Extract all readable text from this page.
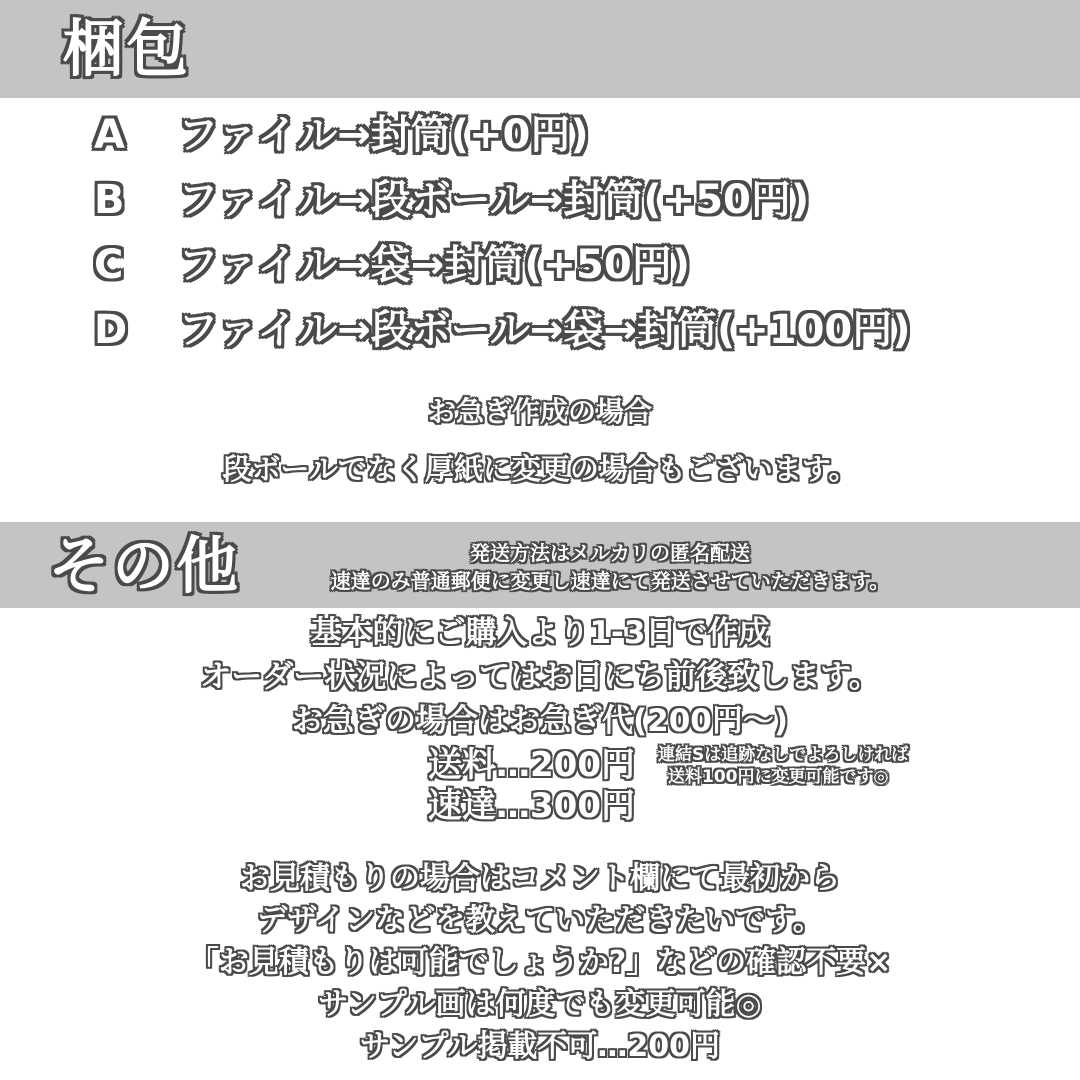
梱包
A	ファイル→封筒(+0円)
B	ファイル→段ボール→封筒(+50円)
C	ファイル→袋→封筒(+50円)
D	ファイル→段ボール→袋→封筒(+100円)
お急ぎ作成の場合
段ボールでなく厚紙に変更の場合もございます。
その他	発送方法はメルカリの匿名配送
速達のみ普通郵便に変更し速達にて発送させていただきます。
基本的にご購入より1-3日で作成
オーダー状況によってはお日にち前後致します。
お急ぎの場合はお急ぎ代(200円〜)
送料…200円
速達…300円
連結Sは追跡なしでよろしければ
送料100円に変更可能です◎
お見積もりの場合はコメント欄にて最初から
デザインなどを教えていただきたいです。
「お見積もりは可能でしょうか?」などの確認不要×
サンプル画は何度でも変更可能◎
サンプル掲載不可…200円
